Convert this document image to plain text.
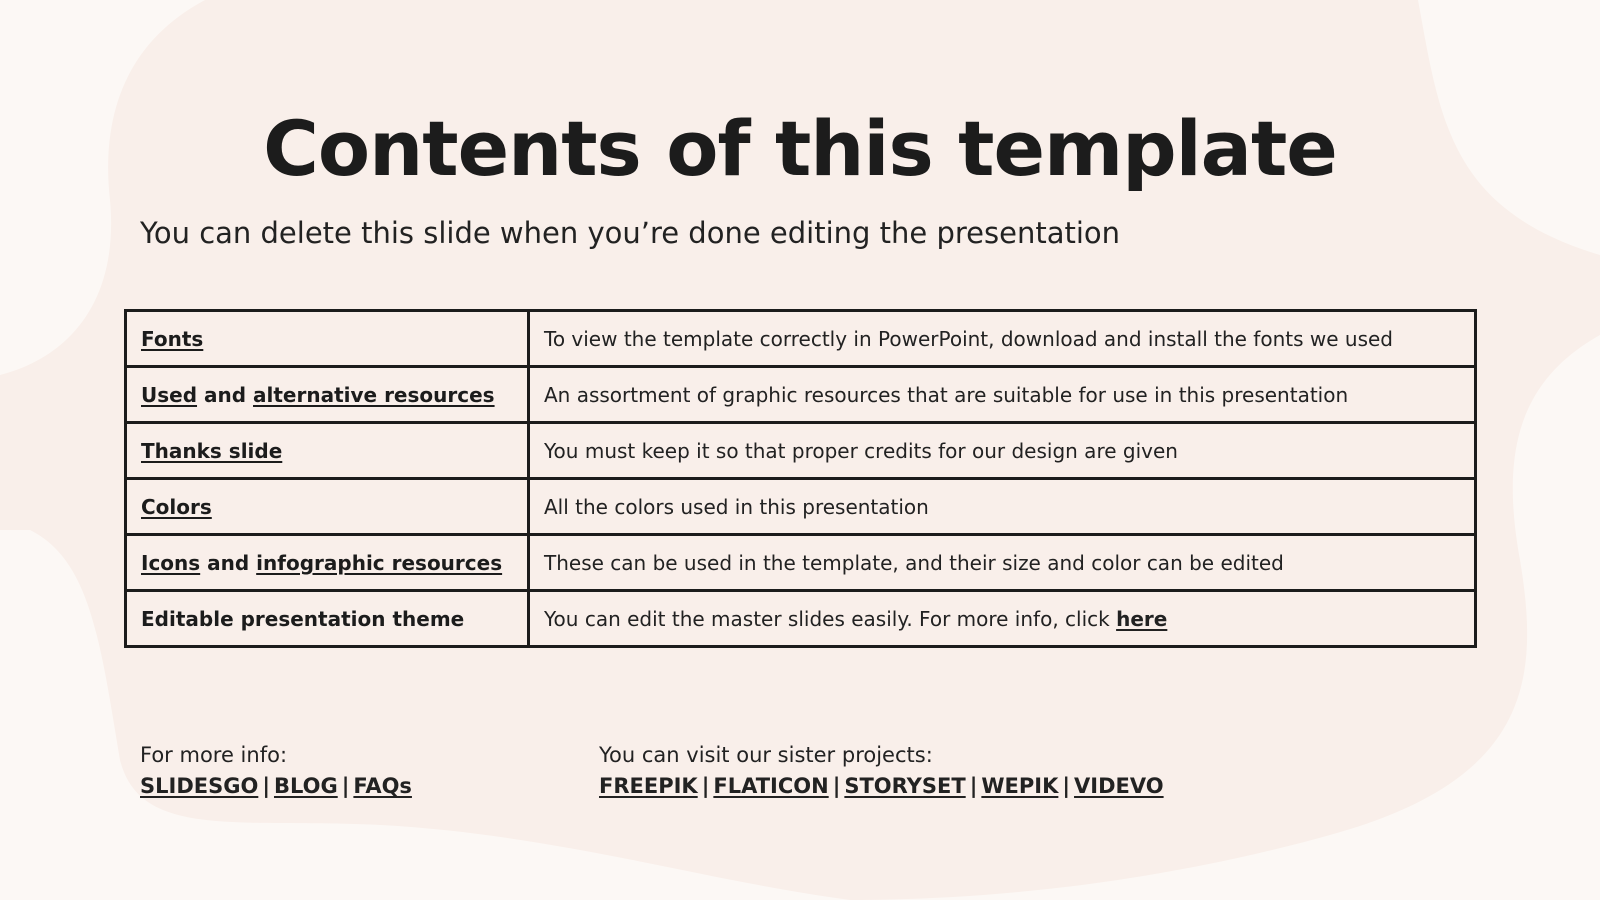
Contents of this template

You can delete this slide when you’re done editing the presentation

Fonts	To view the template correctly in PowerPoint, download and install the fonts we used
Used and alternative resources	An assortment of graphic resources that are suitable for use in this presentation
Thanks slide	You must keep it so that proper credits for our design are given
Colors	All the colors used in this presentation
Icons and infographic resources	These can be used in the template, and their size and color can be edited
Editable presentation theme	You can edit the master slides easily. For more info, click here
For more info:
SLIDESGO | BLOG | FAQs
You can visit our sister projects:
FREEPIK | FLATICON | STORYSET | WEPIK | VIDEVO
